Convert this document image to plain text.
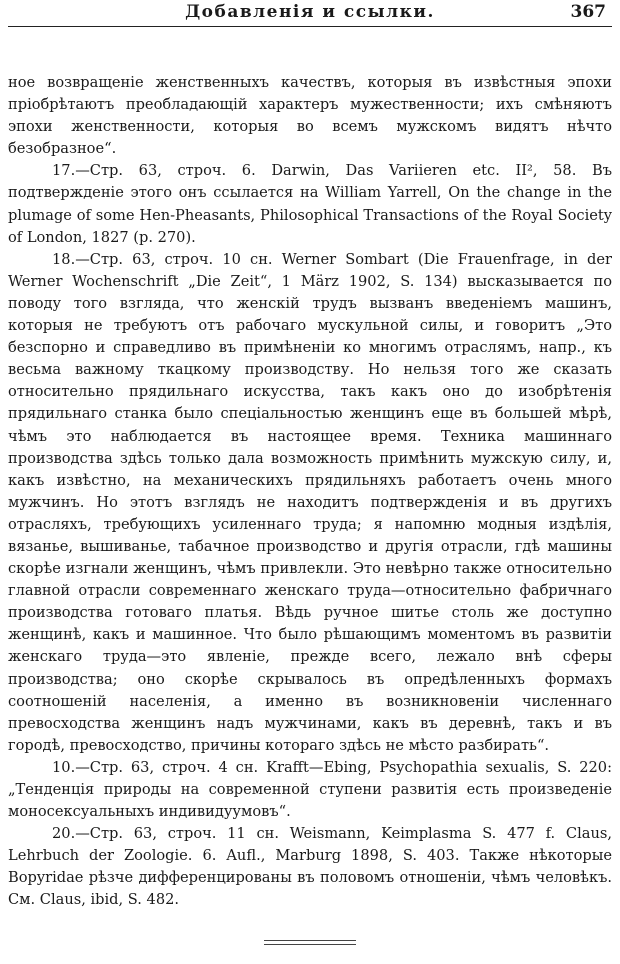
Добавленія и ссылки.	367

ное возвращеніе женственныхъ качествъ, которыя въ извѣстныя эпохи пріобрѣтаютъ преобладающій характеръ мужественности; ихъ смѣняютъ эпохи женственности, которыя во всемъ мужскомъ видятъ нѣчто безобразное“.

17.—Стр. 63, строч. 6. Darwin, Das Variieren etc. II², 58. Въ подтвержденіе этого онъ ссылается на William Yarrell, On the change in the plumage of some Hen-Pheasants, Philosophical Transactions of the Royal Society of London, 1827 (p. 270).

18.—Стр. 63, строч. 10 сн. Werner Sombart (Die Frauenfrage, in der Werner Wochenschrift „Die Zeit“, 1 März 1902, S. 134) высказывается по поводу того взгляда, что женскій трудъ вызванъ введеніемъ машинъ, которыя не требуютъ отъ рабочаго мускульной силы, и говоритъ „Это безспорно и справедливо въ примѣненіи ко многимъ отраслямъ, напр., къ весьма важному ткацкому производству. Но нельзя того же сказать относительно прядильнаго искусства, такъ какъ оно до изобрѣтенія прядильнаго станка было спеціальностью женщинъ еще въ большей мѣрѣ, чѣмъ это наблюдается въ настоящее время. Техника машиннаго производства здѣсь только дала возможность примѣнить мужскую силу, и, какъ извѣстно, на механическихъ прядильняхъ работаетъ очень много мужчинъ. Но этотъ взглядъ не находитъ подтвержденія и въ другихъ отрасляхъ, требующихъ усиленнаго труда; я напомню модныя издѣлія, вязанье, вышиванье, табачное производство и другія отрасли, гдѣ машины скорѣе изгнали женщинъ, чѣмъ привлекли. Это невѣрно также относительно главной отрасли современнаго женскаго труда—относительно фабричнаго производства готоваго платья. Вѣдь ручное шитье столь же доступно женщинѣ, какъ и машинное. Что было рѣшающимъ моментомъ въ развитіи женскаго труда—это явленіе, прежде всего, лежало внѣ сферы производства; оно скорѣе скрывалось въ опредѣленныхъ формахъ соотношеній населенія, а именно въ возникновеніи численнаго превосходства женщинъ надъ мужчинами, какъ въ деревнѣ, такъ и въ городѣ, превосходство, причины котораго здѣсь не мѣсто разбирать“.

10.—Стр. 63, строч. 4 сн. Krafft—Ebing, Psychopathia sexualis, S. 220: „Тенденція природы на современной ступени развитія есть произведеніе моносексуальныхъ индивидуумовъ“.

20.—Стр. 63, строч. 11 сн. Weismann, Keimplasma S. 477 f. Claus, Lehrbuch der Zoologie. 6. Aufl., Marburg 1898, S. 403. Также нѣкоторые Bopyridae рѣзче дифференцированы въ половомъ отношеніи, чѣмъ человѣкъ. См. Claus, ibid, S. 482.
